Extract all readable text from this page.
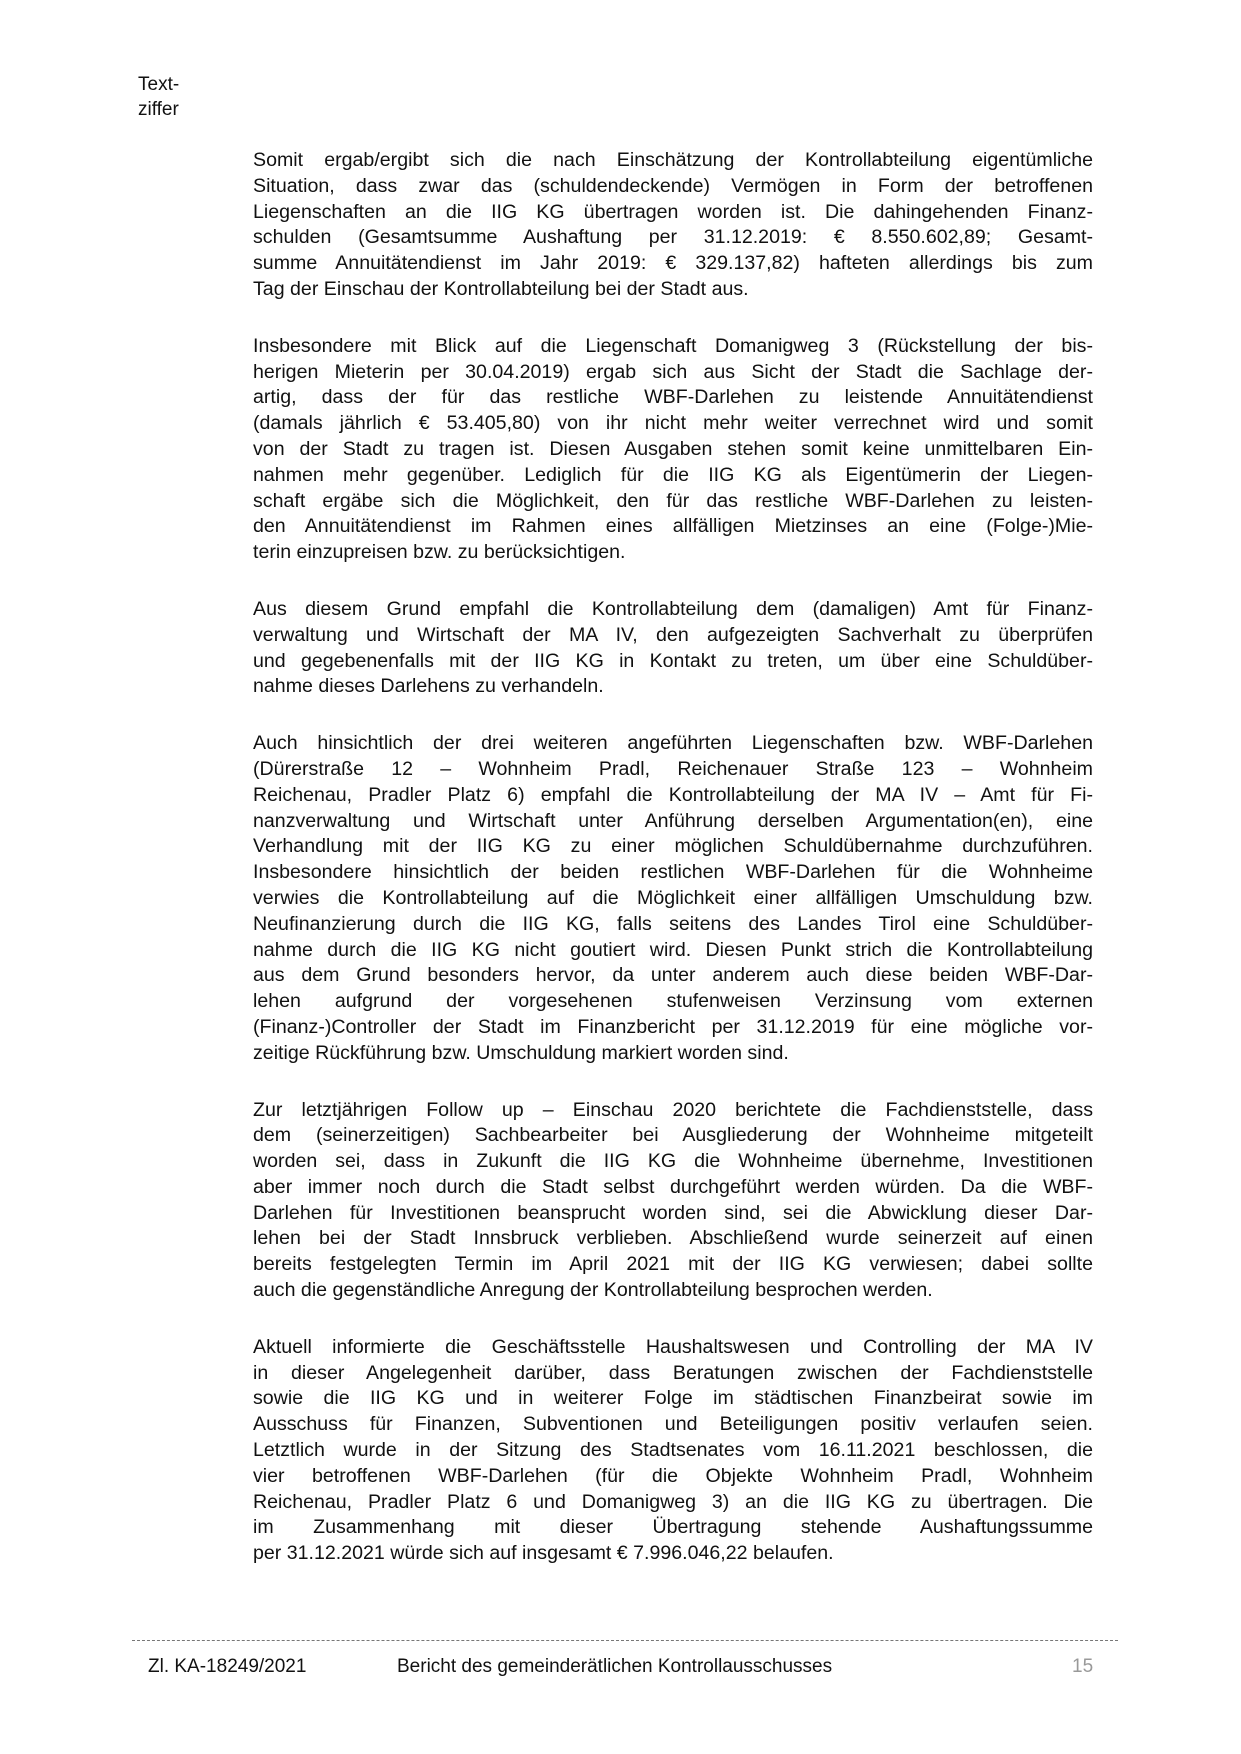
Text-
ziffer
Somit ergab/ergibt sich die nach Einschätzung der Kontrollabteilung eigentümliche
Situation, dass zwar das (schuldendeckende) Vermögen in Form der betroffenen
Liegenschaften an die IIG KG übertragen worden ist. Die dahingehenden Finanz-
schulden (Gesamtsumme Aushaftung per 31.12.2019: € 8.550.602,89; Gesamt-
summe Annuitätendienst im Jahr 2019: € 329.137,82) hafteten allerdings bis zum
Tag der Einschau der Kontrollabteilung bei der Stadt aus.
Insbesondere mit Blick auf die Liegenschaft Domanigweg 3 (Rückstellung der bis-
herigen Mieterin per 30.04.2019) ergab sich aus Sicht der Stadt die Sachlage der-
artig, dass der für das restliche WBF-Darlehen zu leistende Annuitätendienst
(damals jährlich € 53.405,80) von ihr nicht mehr weiter verrechnet wird und somit
von der Stadt zu tragen ist. Diesen Ausgaben stehen somit keine unmittelbaren Ein-
nahmen mehr gegenüber. Lediglich für die IIG KG als Eigentümerin der Liegen-
schaft ergäbe sich die Möglichkeit, den für das restliche WBF-Darlehen zu leisten-
den Annuitätendienst im Rahmen eines allfälligen Mietzinses an eine (Folge-)Mie-
terin einzupreisen bzw. zu berücksichtigen.
Aus diesem Grund empfahl die Kontrollabteilung dem (damaligen) Amt für Finanz-
verwaltung und Wirtschaft der MA IV, den aufgezeigten Sachverhalt zu überprüfen
und gegebenenfalls mit der IIG KG in Kontakt zu treten, um über eine Schuldüber-
nahme dieses Darlehens zu verhandeln.
Auch hinsichtlich der drei weiteren angeführten Liegenschaften bzw. WBF-Darlehen
(Dürerstraße 12 – Wohnheim Pradl, Reichenauer Straße 123 – Wohnheim
Reichenau, Pradler Platz 6) empfahl die Kontrollabteilung der MA IV – Amt für Fi-
nanzverwaltung und Wirtschaft unter Anführung derselben Argumentation(en), eine
Verhandlung mit der IIG KG zu einer möglichen Schuldübernahme durchzuführen.
Insbesondere hinsichtlich der beiden restlichen WBF-Darlehen für die Wohnheime
verwies die Kontrollabteilung auf die Möglichkeit einer allfälligen Umschuldung bzw.
Neufinanzierung durch die IIG KG, falls seitens des Landes Tirol eine Schuldüber-
nahme durch die IIG KG nicht goutiert wird. Diesen Punkt strich die Kontrollabteilung
aus dem Grund besonders hervor, da unter anderem auch diese beiden WBF-Dar-
lehen aufgrund der vorgesehenen stufenweisen Verzinsung vom externen
(Finanz-)Controller der Stadt im Finanzbericht per 31.12.2019 für eine mögliche vor-
zeitige Rückführung bzw. Umschuldung markiert worden sind.
Zur letztjährigen Follow up – Einschau 2020 berichtete die Fachdienststelle, dass
dem (seinerzeitigen) Sachbearbeiter bei Ausgliederung der Wohnheime mitgeteilt
worden sei, dass in Zukunft die IIG KG die Wohnheime übernehme, Investitionen
aber immer noch durch die Stadt selbst durchgeführt werden würden. Da die WBF-
Darlehen für Investitionen beansprucht worden sind, sei die Abwicklung dieser Dar-
lehen bei der Stadt Innsbruck verblieben. Abschließend wurde seinerzeit auf einen
bereits festgelegten Termin im April 2021 mit der IIG KG verwiesen; dabei sollte
auch die gegenständliche Anregung der Kontrollabteilung besprochen werden.
Aktuell informierte die Geschäftsstelle Haushaltswesen und Controlling der MA IV
in dieser Angelegenheit darüber, dass Beratungen zwischen der Fachdienststelle
sowie die IIG KG und in weiterer Folge im städtischen Finanzbeirat sowie im
Ausschuss für Finanzen, Subventionen und Beteiligungen positiv verlaufen seien.
Letztlich wurde in der Sitzung des Stadtsenates vom 16.11.2021 beschlossen, die
vier betroffenen WBF-Darlehen (für die Objekte Wohnheim Pradl, Wohnheim
Reichenau, Pradler Platz 6 und Domanigweg 3) an die IIG KG zu übertragen. Die
im Zusammenhang mit dieser Übertragung stehende Aushaftungssumme
per 31.12.2021 würde sich auf insgesamt € 7.996.046,22 belaufen.
Zl. KA-18249/2021	Bericht des gemeinderätlichen Kontrollausschusses	15
